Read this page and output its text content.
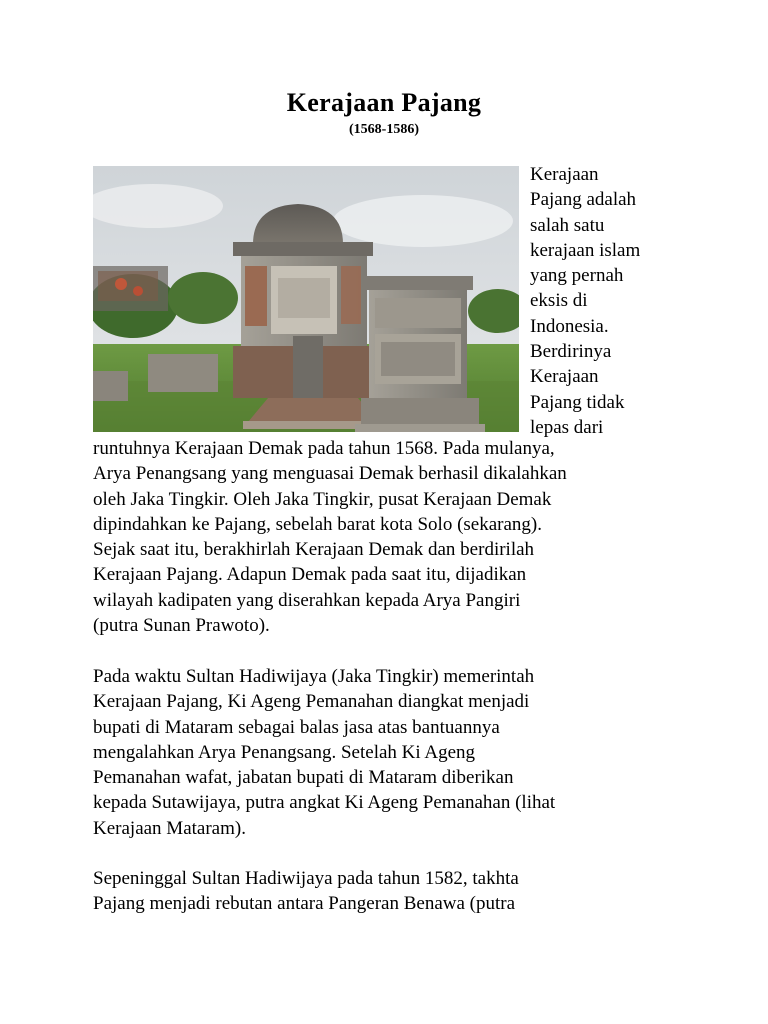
Kerajaan Pajang
(1568-1586)
Kerajaan
Pajang adalah
salah satu
kerajaan islam
yang pernah
eksis di
Indonesia.
Berdirinya
Kerajaan
Pajang tidak
lepas dari
runtuhnya Kerajaan Demak pada tahun 1568. Pada mulanya,
Arya Penangsang yang menguasai Demak berhasil dikalahkan
oleh Jaka Tingkir. Oleh Jaka Tingkir, pusat Kerajaan Demak
dipindahkan ke Pajang, sebelah barat kota Solo (sekarang).
Sejak saat itu, berakhirlah Kerajaan Demak dan berdirilah
Kerajaan Pajang. Adapun Demak pada saat itu, dijadikan
wilayah kadipaten yang diserahkan kepada Arya Pangiri
(putra Sunan Prawoto).
Pada waktu Sultan Hadiwijaya (Jaka Tingkir) memerintah
Kerajaan Pajang, Ki Ageng Pemanahan diangkat menjadi
bupati di Mataram sebagai balas jasa atas bantuannya
mengalahkan Arya Penangsang. Setelah Ki Ageng
Pemanahan wafat, jabatan bupati di Mataram diberikan
kepada Sutawijaya, putra angkat Ki Ageng Pemanahan (lihat
Kerajaan Mataram).
Sepeninggal Sultan Hadiwijaya pada tahun 1582, takhta
Pajang menjadi rebutan antara Pangeran Benawa (putra
